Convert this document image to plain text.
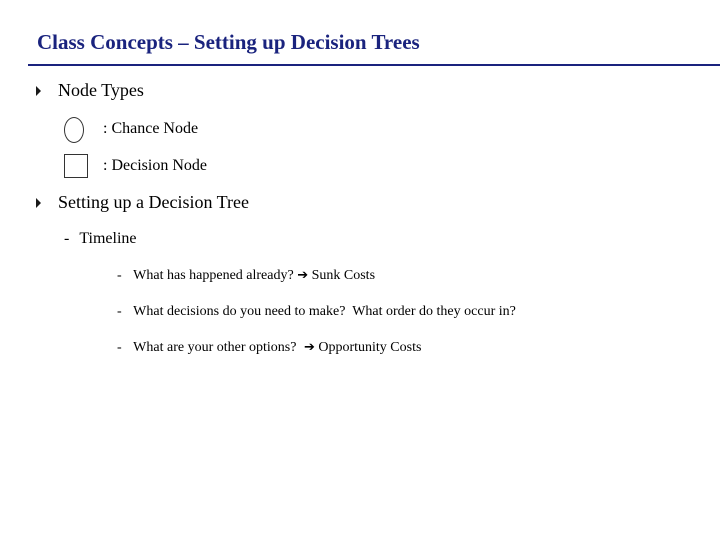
Class Concepts – Setting up Decision Trees
Node Types
: Chance Node
: Decision Node
Setting up a Decision Tree
- Timeline
- What has happened already? ➔ Sunk Costs
- What decisions do you need to make?  What order do they occur in?
- What are your other options? ➔ Opportunity Costs
